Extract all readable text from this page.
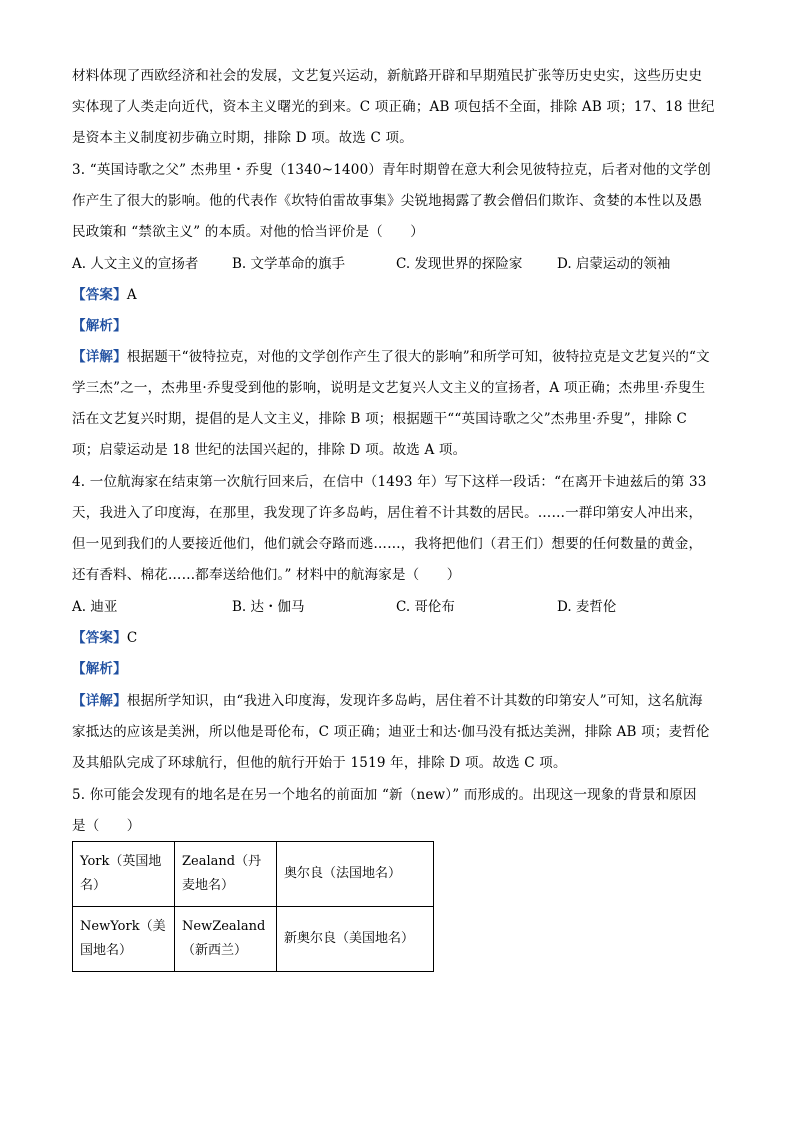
材料体现了西欧经济和社会的发展，文艺复兴运动，新航路开辟和早期殖民扩张等历史史实，这些历史史
实体现了人类走向近代，资本主义曙光的到来。C 项正确；AB 项包括不全面，排除 AB 项；17、18 世纪
是资本主义制度初步确立时期，排除 D 项。故选 C 项。
3. “英国诗歌之父” 杰弗里・乔叟（1340~1400）青年时期曾在意大利会见彼特拉克，后者对他的文学创
作产生了很大的影响。他的代表作《坎特伯雷故事集》尖锐地揭露了教会僧侣们欺诈、贪婪的本性以及愚
民政策和 “禁欲主义” 的本质。对他的恰当评价是（　　）
A. 人文主义的宣扬者 B. 文学革命的旗手	C. 发现世界的探险家	D. 启蒙运动的领袖
【答案】A
【解析】
【详解】根据题干“彼特拉克，对他的文学创作产生了很大的影响”和所学可知，彼特拉克是文艺复兴的“文
学三杰”之一，杰弗里·乔叟受到他的影响，说明是文艺复兴人文主义的宣扬者，A 项正确；杰弗里·乔叟生
活在文艺复兴时期，提倡的是人文主义，排除 B 项；根据题干““英国诗歌之父”杰弗里·乔叟”，排除 C
项；启蒙运动是 18 世纪的法国兴起的，排除 D 项。故选 A 项。
4. 一位航海家在结束第一次航行回来后，在信中（1493 年）写下这样一段话：“在离开卡迪兹后的第 33
天，我进入了印度海，在那里，我发现了许多岛屿，居住着不计其数的居民。……一群印第安人冲出来，
但一见到我们的人要接近他们，他们就会夺路而逃……，我将把他们（君王们）想要的任何数量的黄金，
还有香料、棉花……都奉送给他们。” 材料中的航海家是（　　）
A. 迪亚	B. 达・伽马	C. 哥伦布	D. 麦哲伦
【答案】C
【解析】
【详解】根据所学知识，由“我进入印度海，发现许多岛屿，居住着不计其数的印第安人”可知，这名航海
家抵达的应该是美洲，所以他是哥伦布，C 项正确；迪亚士和达·伽马没有抵达美洲，排除 AB 项；麦哲伦
及其船队完成了环球航行，但他的航行开始于 1519 年，排除 D 项。故选 C 项。
5. 你可能会发现有的地名是在另一个地名的前面加 “新（new）” 而形成的。出现这一现象的背景和原因
是（　　）
York（英国地名）	Zealand（丹麦地名）	奥尔良（法国地名）
NewYork（美国地名）	NewZealand（新西兰）	新奥尔良（美国地名）
